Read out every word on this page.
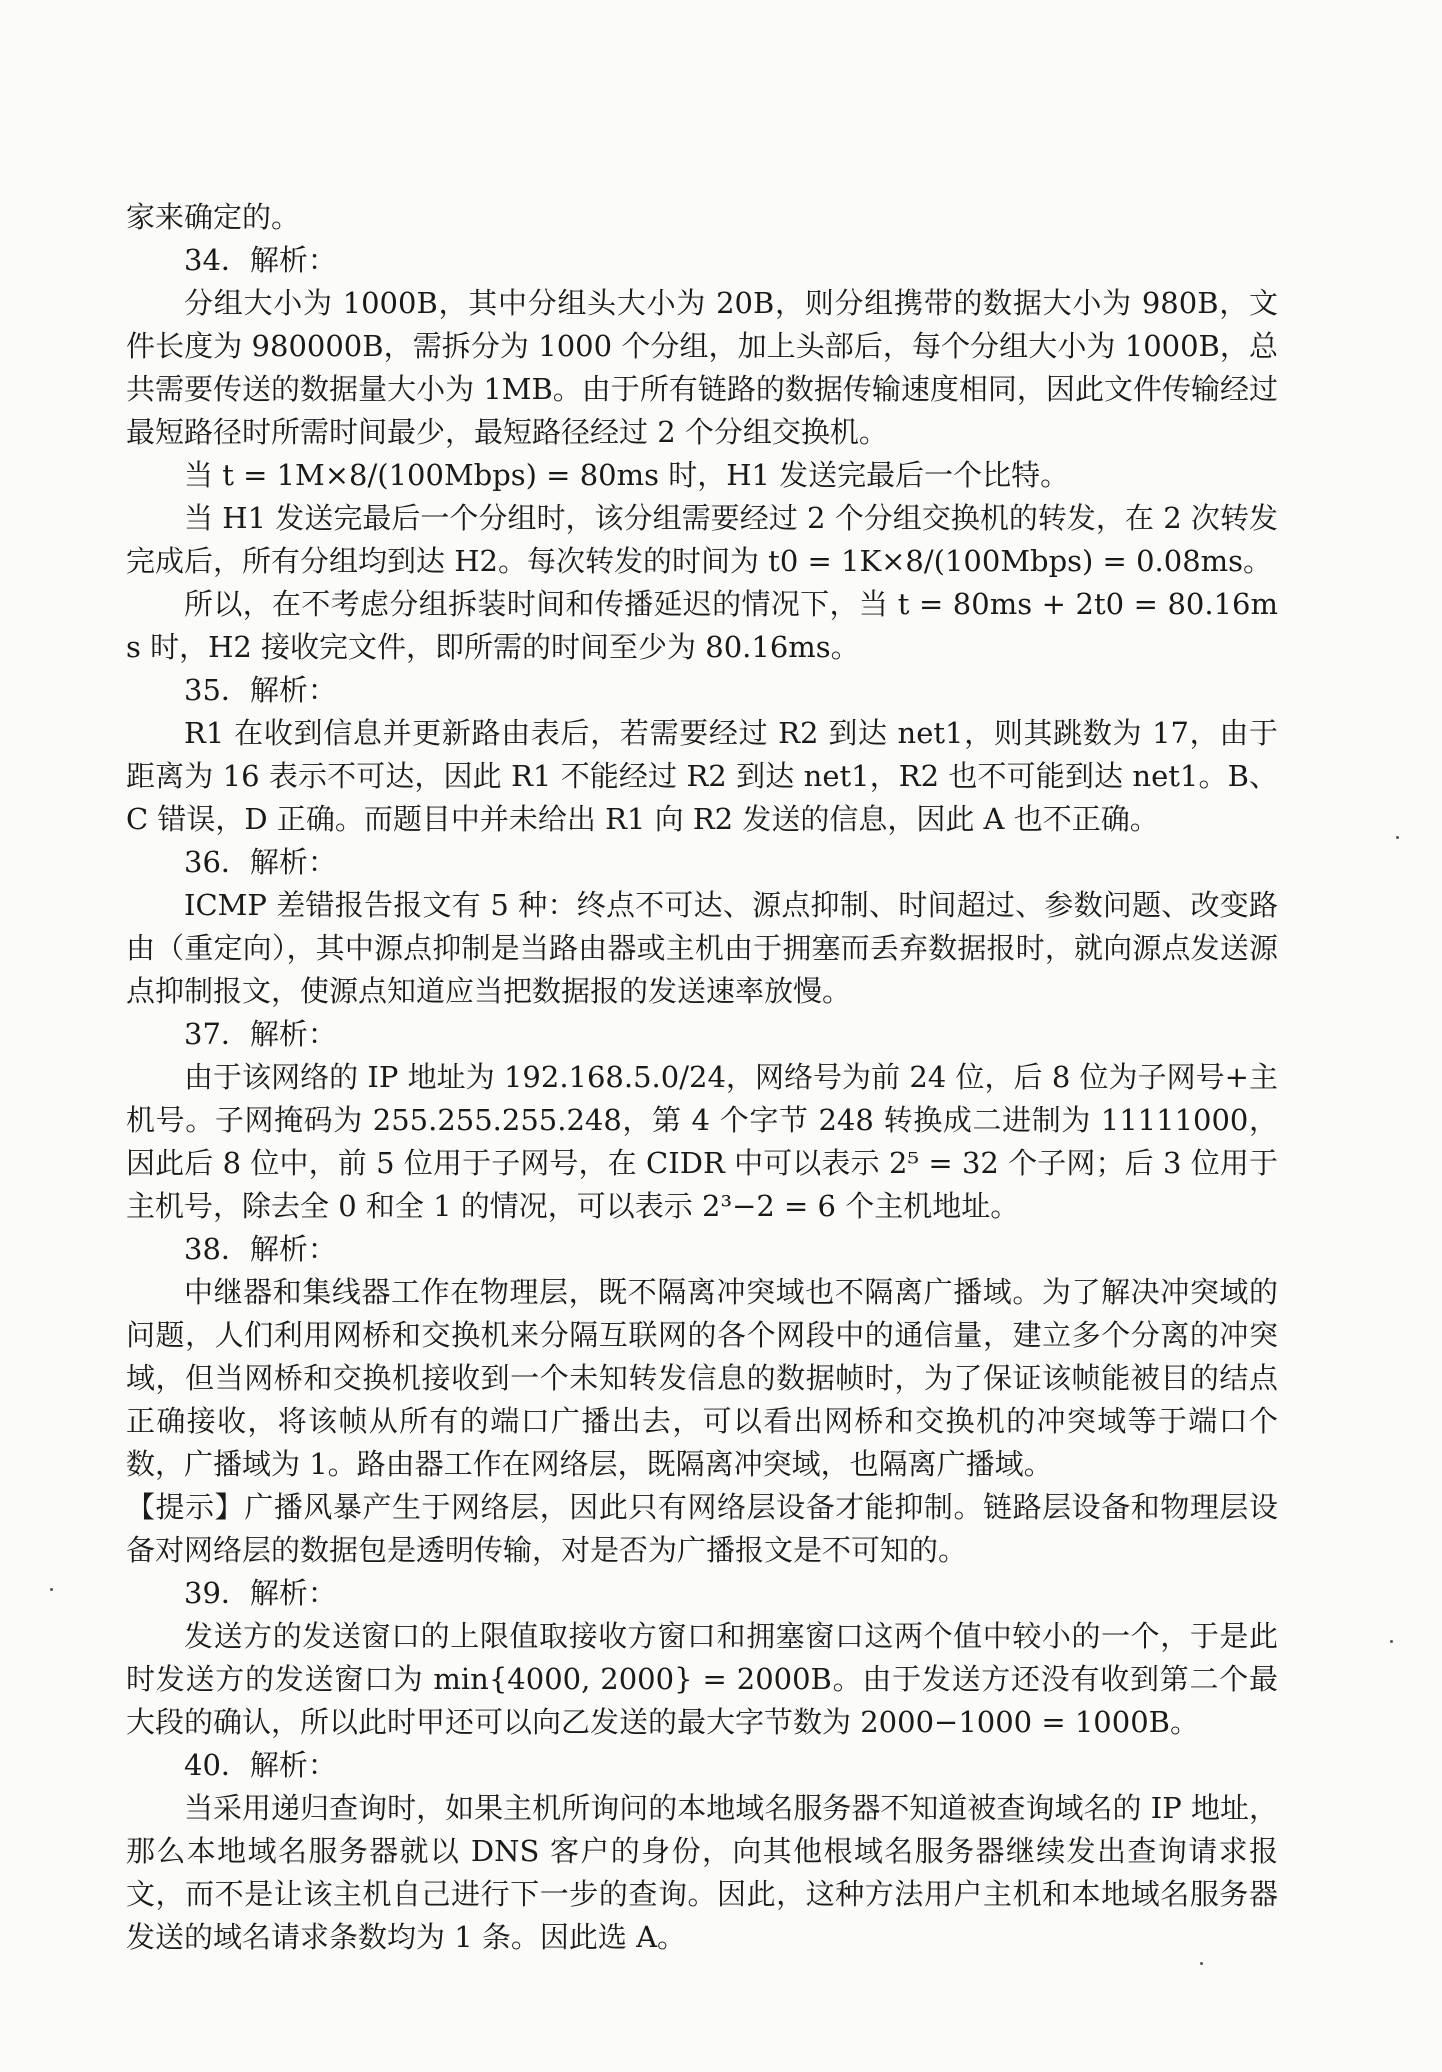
家来确定的。

34．解析：

分组大小为 1000B，其中分组头大小为 20B，则分组携带的数据大小为 980B，文件长度为 980000B，需拆分为 1000 个分组，加上头部后，每个分组大小为 1000B，总共需要传送的数据量大小为 1MB。由于所有链路的数据传输速度相同，因此文件传输经过最短路径时所需时间最少，最短路径经过 2 个分组交换机。

当 t = 1M×8/(100Mbps) = 80ms 时，H1 发送完最后一个比特。

当 H1 发送完最后一个分组时，该分组需要经过 2 个分组交换机的转发，在 2 次转发完成后，所有分组均到达 H2。每次转发的时间为 t0 = 1K×8/(100Mbps) = 0.08ms。

所以，在不考虑分组拆装时间和传播延迟的情况下，当 t = 80ms + 2t0 = 80.16ms 时，H2 接收完文件，即所需的时间至少为 80.16ms。

35．解析：

R1 在收到信息并更新路由表后，若需要经过 R2 到达 net1，则其跳数为 17，由于距离为 16 表示不可达，因此 R1 不能经过 R2 到达 net1，R2 也不可能到达 net1。B、C 错误，D 正确。而题目中并未给出 R1 向 R2 发送的信息，因此 A 也不正确。

36．解析：

ICMP 差错报告报文有 5 种：终点不可达、源点抑制、时间超过、参数问题、改变路由（重定向），其中源点抑制是当路由器或主机由于拥塞而丢弃数据报时，就向源点发送源点抑制报文，使源点知道应当把数据报的发送速率放慢。

37．解析：

由于该网络的 IP 地址为 192.168.5.0/24，网络号为前 24 位，后 8 位为子网号+主机号。子网掩码为 255.255.255.248，第 4 个字节 248 转换成二进制为 11111000，因此后 8 位中，前 5 位用于子网号，在 CIDR 中可以表示 2⁵ = 32 个子网；后 3 位用于主机号，除去全 0 和全 1 的情况，可以表示 2³−2 = 6 个主机地址。

38．解析：

中继器和集线器工作在物理层，既不隔离冲突域也不隔离广播域。为了解决冲突域的问题，人们利用网桥和交换机来分隔互联网的各个网段中的通信量，建立多个分离的冲突域，但当网桥和交换机接收到一个未知转发信息的数据帧时，为了保证该帧能被目的结点正确接收，将该帧从所有的端口广播出去，可以看出网桥和交换机的冲突域等于端口个数，广播域为 1。路由器工作在网络层，既隔离冲突域，也隔离广播域。

【提示】广播风暴产生于网络层，因此只有网络层设备才能抑制。链路层设备和物理层设备对网络层的数据包是透明传输，对是否为广播报文是不可知的。

39．解析：

发送方的发送窗口的上限值取接收方窗口和拥塞窗口这两个值中较小的一个，于是此时发送方的发送窗口为 min{4000, 2000} = 2000B。由于发送方还没有收到第二个最大段的确认，所以此时甲还可以向乙发送的最大字节数为 2000−1000 = 1000B。

40．解析：

当采用递归查询时，如果主机所询问的本地域名服务器不知道被查询域名的 IP 地址，那么本地域名服务器就以 DNS 客户的身份，向其他根域名服务器继续发出查询请求报文，而不是让该主机自己进行下一步的查询。因此，这种方法用户主机和本地域名服务器发送的域名请求条数均为 1 条。因此选 A。
